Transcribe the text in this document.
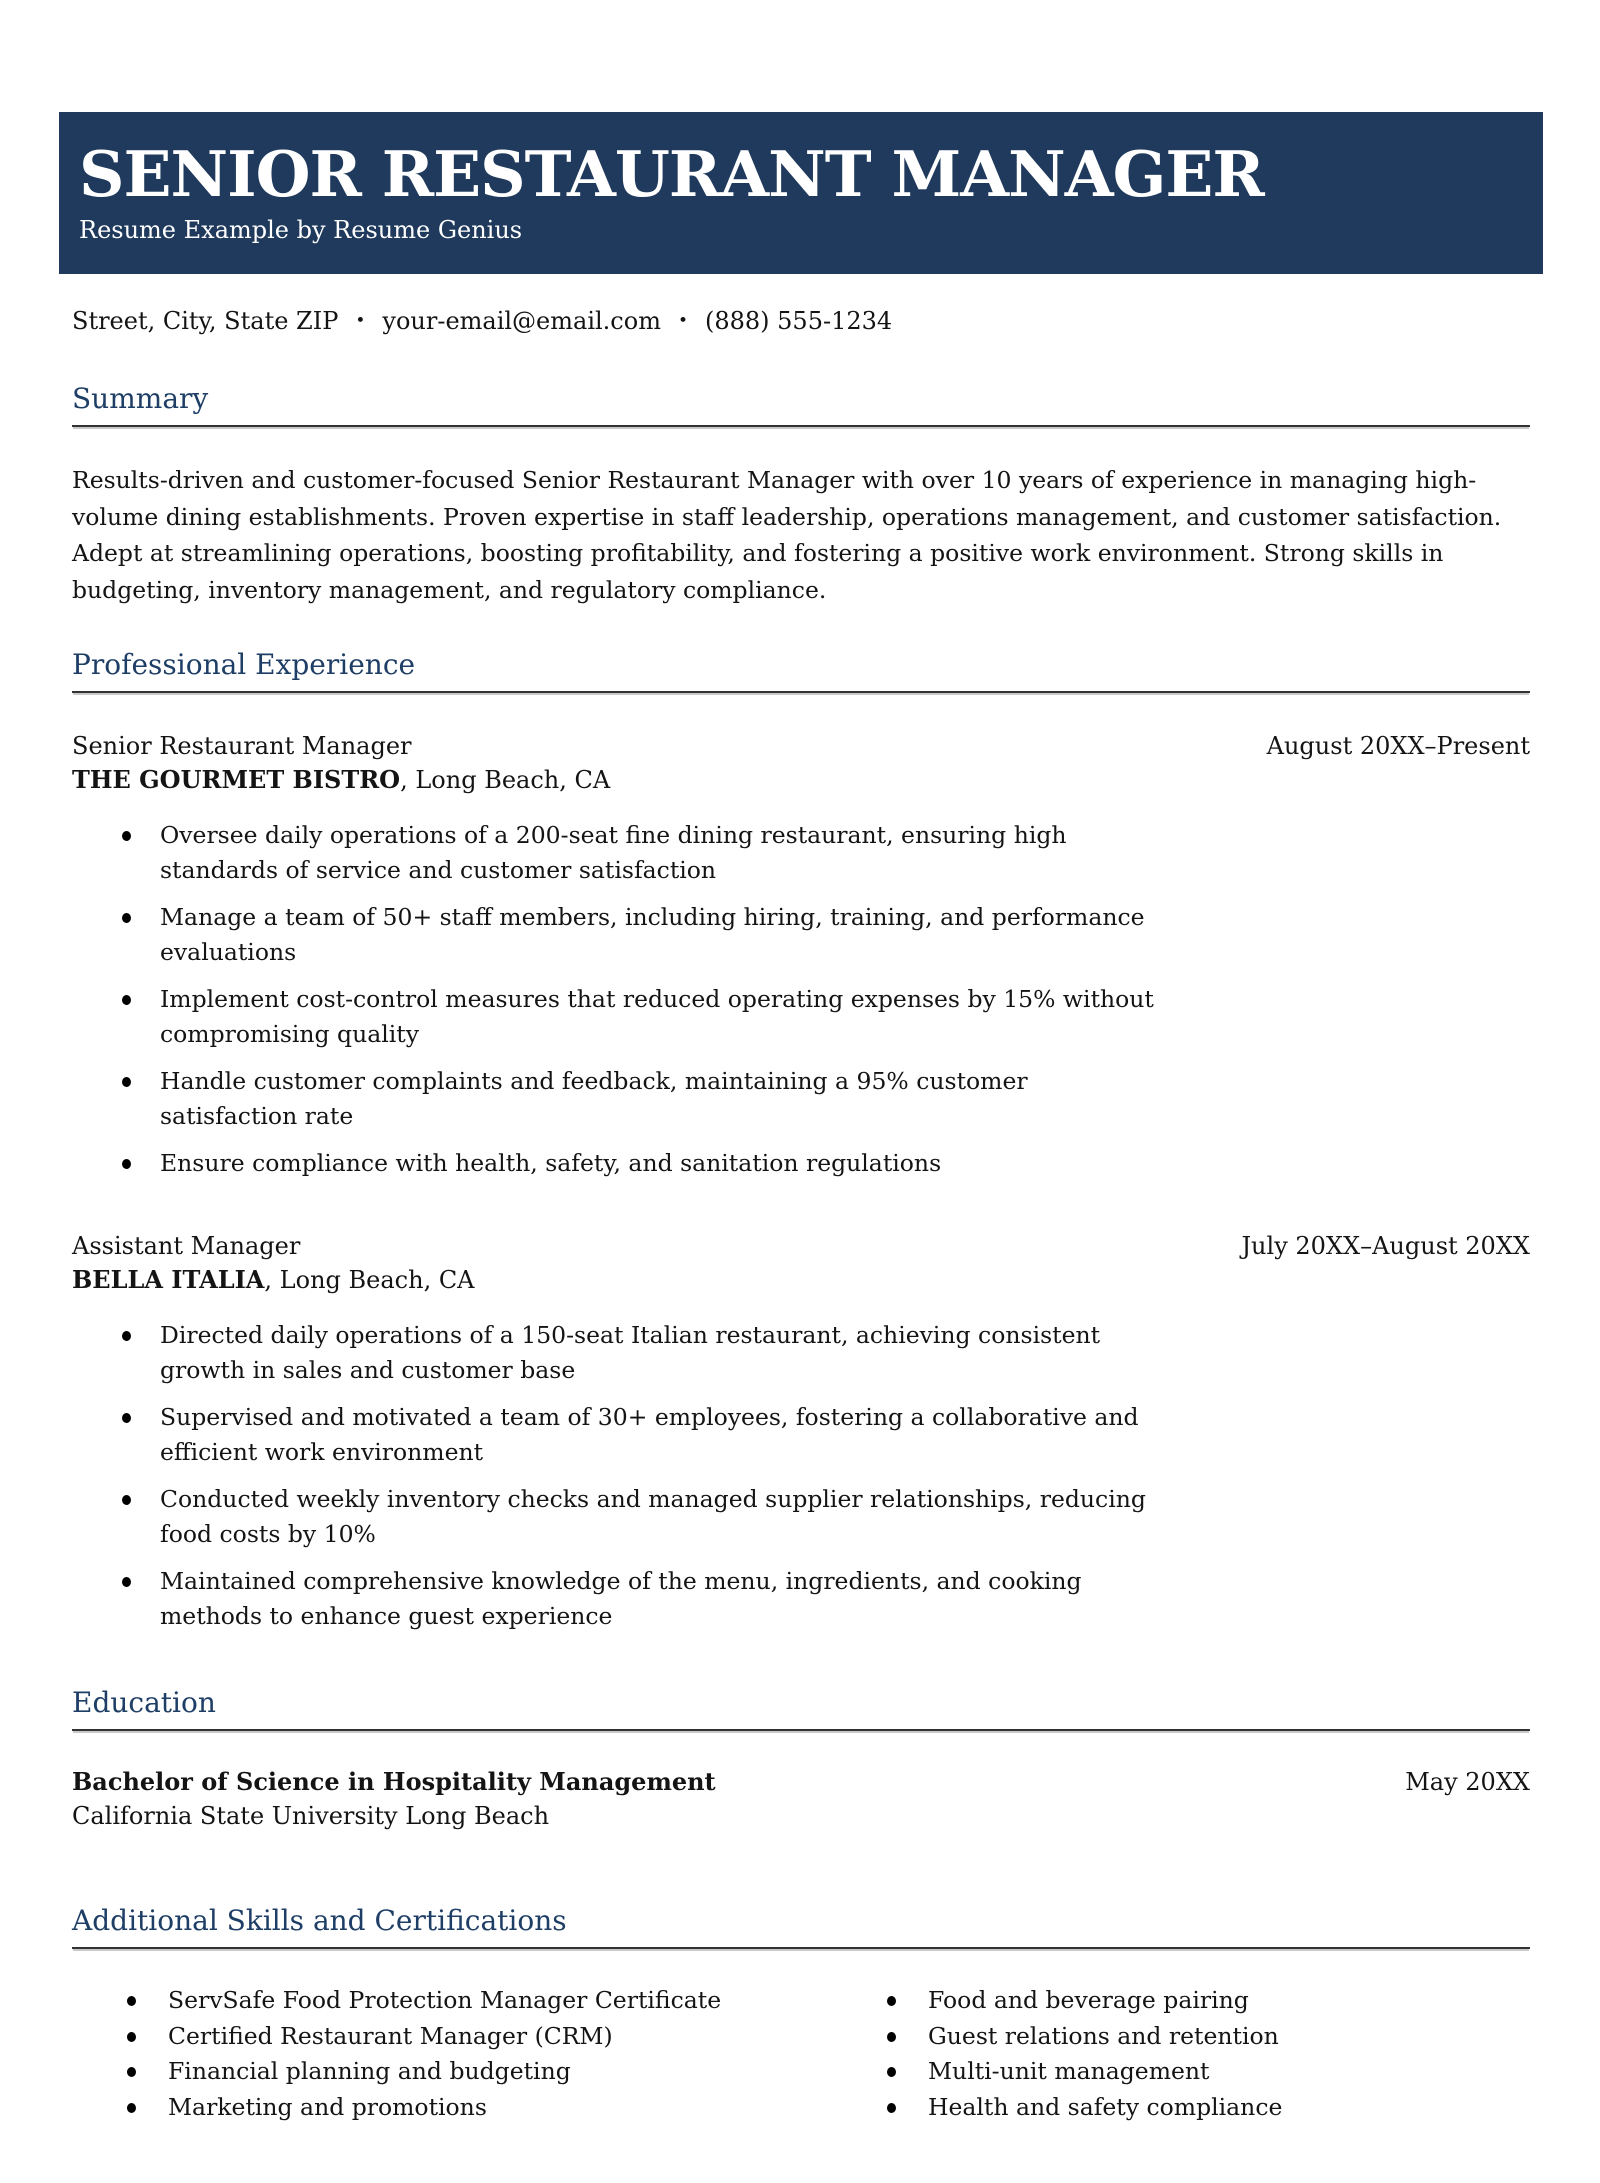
SENIOR RESTAURANT MANAGER
Resume Example by Resume Genius
Street, City, State ZIP • your-email@email.com • (888) 555-1234
Summary

Results-driven and customer-focused Senior Restaurant Manager with over 10 years of experience in managing high-volume dining establishments. Proven expertise in staff leadership, operations management, and customer satisfaction. Adept at streamlining operations, boosting profitability, and fostering a positive work environment. Strong skills in budgeting, inventory management, and regulatory compliance.

Professional Experience
Senior Restaurant Manager	August 20XX–Present
THE GOURMET BISTRO, Long Beach, CA
Oversee daily operations of a 200-seat fine dining restaurant, ensuring high standards of service and customer satisfaction
Manage a team of 50+ staff members, including hiring, training, and performance evaluations
Implement cost-control measures that reduced operating expenses by 15% without compromising quality
Handle customer complaints and feedback, maintaining a 95% customer satisfaction rate
Ensure compliance with health, safety, and sanitation regulations
Assistant Manager	July 20XX–August 20XX
BELLA ITALIA, Long Beach, CA
Directed daily operations of a 150-seat Italian restaurant, achieving consistent growth in sales and customer base
Supervised and motivated a team of 30+ employees, fostering a collaborative and efficient work environment
Conducted weekly inventory checks and managed supplier relationships, reducing food costs by 10%
Maintained comprehensive knowledge of the menu, ingredients, and cooking methods to enhance guest experience
Education
Bachelor of Science in Hospitality Management	May 20XX
California State University Long Beach
Additional Skills and Certifications
ServSafe Food Protection Manager Certificate
Certified Restaurant Manager (CRM)
Financial planning and budgeting
Marketing and promotions
Food and beverage pairing
Guest relations and retention
Multi-unit management
Health and safety compliance
